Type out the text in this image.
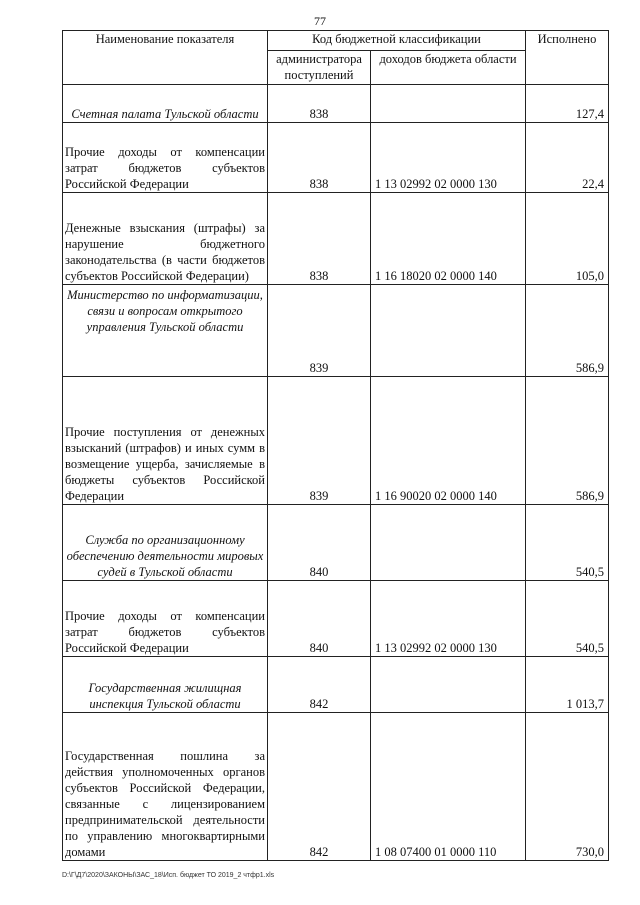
77
Наименование показателя	Код бюджетной классификации		Исполнено
	администратора поступлений	доходов бюджета области	
Счетная палата Тульской области	838		127,4
Прочие доходы от компенсации затрат бюджетов субъектов Российской Федерации	838	1 13 02992 02 0000 130	22,4
Денежные взыскания (штрафы) за нарушение бюджетного законодательства (в части бюджетов субъектов Российской Федерации)	838	1 16 18020 02 0000 140	105,0
Министерство по информатизации, связи и вопросам открытого управления Тульской области	839		586,9
Прочие поступления от денежных взысканий (штрафов) и иных сумм в возмещение ущерба, зачисляемые в бюджеты субъектов Российской Федерации	839	1 16 90020 02 0000 140	586,9
Служба по организационному обеспечению деятельности мировых судей в Тульской области	840		540,5
Прочие доходы от компенсации затрат бюджетов субъектов Российской Федерации	840	1 13 02992 02 0000 130	540,5
Государственная жилищная инспекция Тульской области	842		1 013,7
Государственная пошлина за действия уполномоченных органов субъектов Российской Федерации, связанные с лицензированием предпринимательской деятельности по управлению многоквартирными домами	842	1 08 07400 01 0000 110	730,0
D:\Г\Д7\2020\ЗАКОНЫ\ЗАС_18\Исп. бюджет ТО 2019_2 чтфр1.xls
